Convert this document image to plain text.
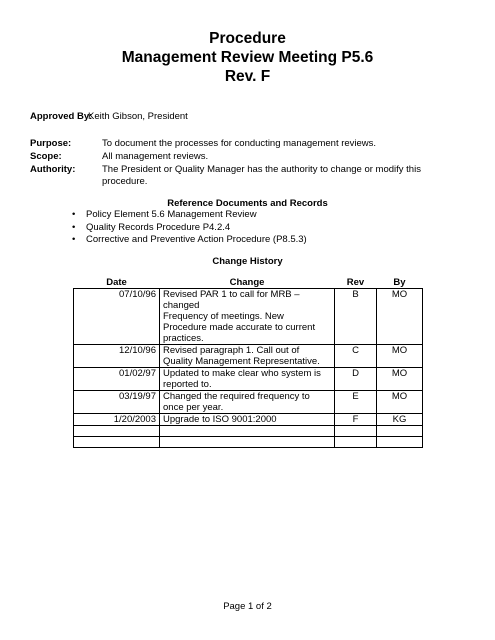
Procedure
Management Review Meeting P5.6
Rev. F
Approved By:
Keith Gibson, President
Purpose:	To document the processes for conducting management reviews.
Scope:	All management reviews.
Authority:	The President or Quality Manager has the authority to change or modify this
procedure.
Reference Documents and Records
• Policy Element 5.6 Management Review
• Quality Records Procedure P4.2.4
• Corrective and Preventive Action Procedure (P8.5.3)
Change History
Date	Change	Rev	By
07/10/96	Revised PAR 1 to call for MRB –
changed
Frequency of meetings. New
Procedure made accurate to current
practices.	B	MO
12/10/96	Revised paragraph 1. Call out of
Quality Management Representative.	C	MO
01/02/97	Updated to make clear who system is
reported to.	D	MO
03/19/97	Changed the required frequency to
once per year.	E	MO
1/20/2003	Upgrade to ISO 9001:2000	F	KG

Page 1 of 2
